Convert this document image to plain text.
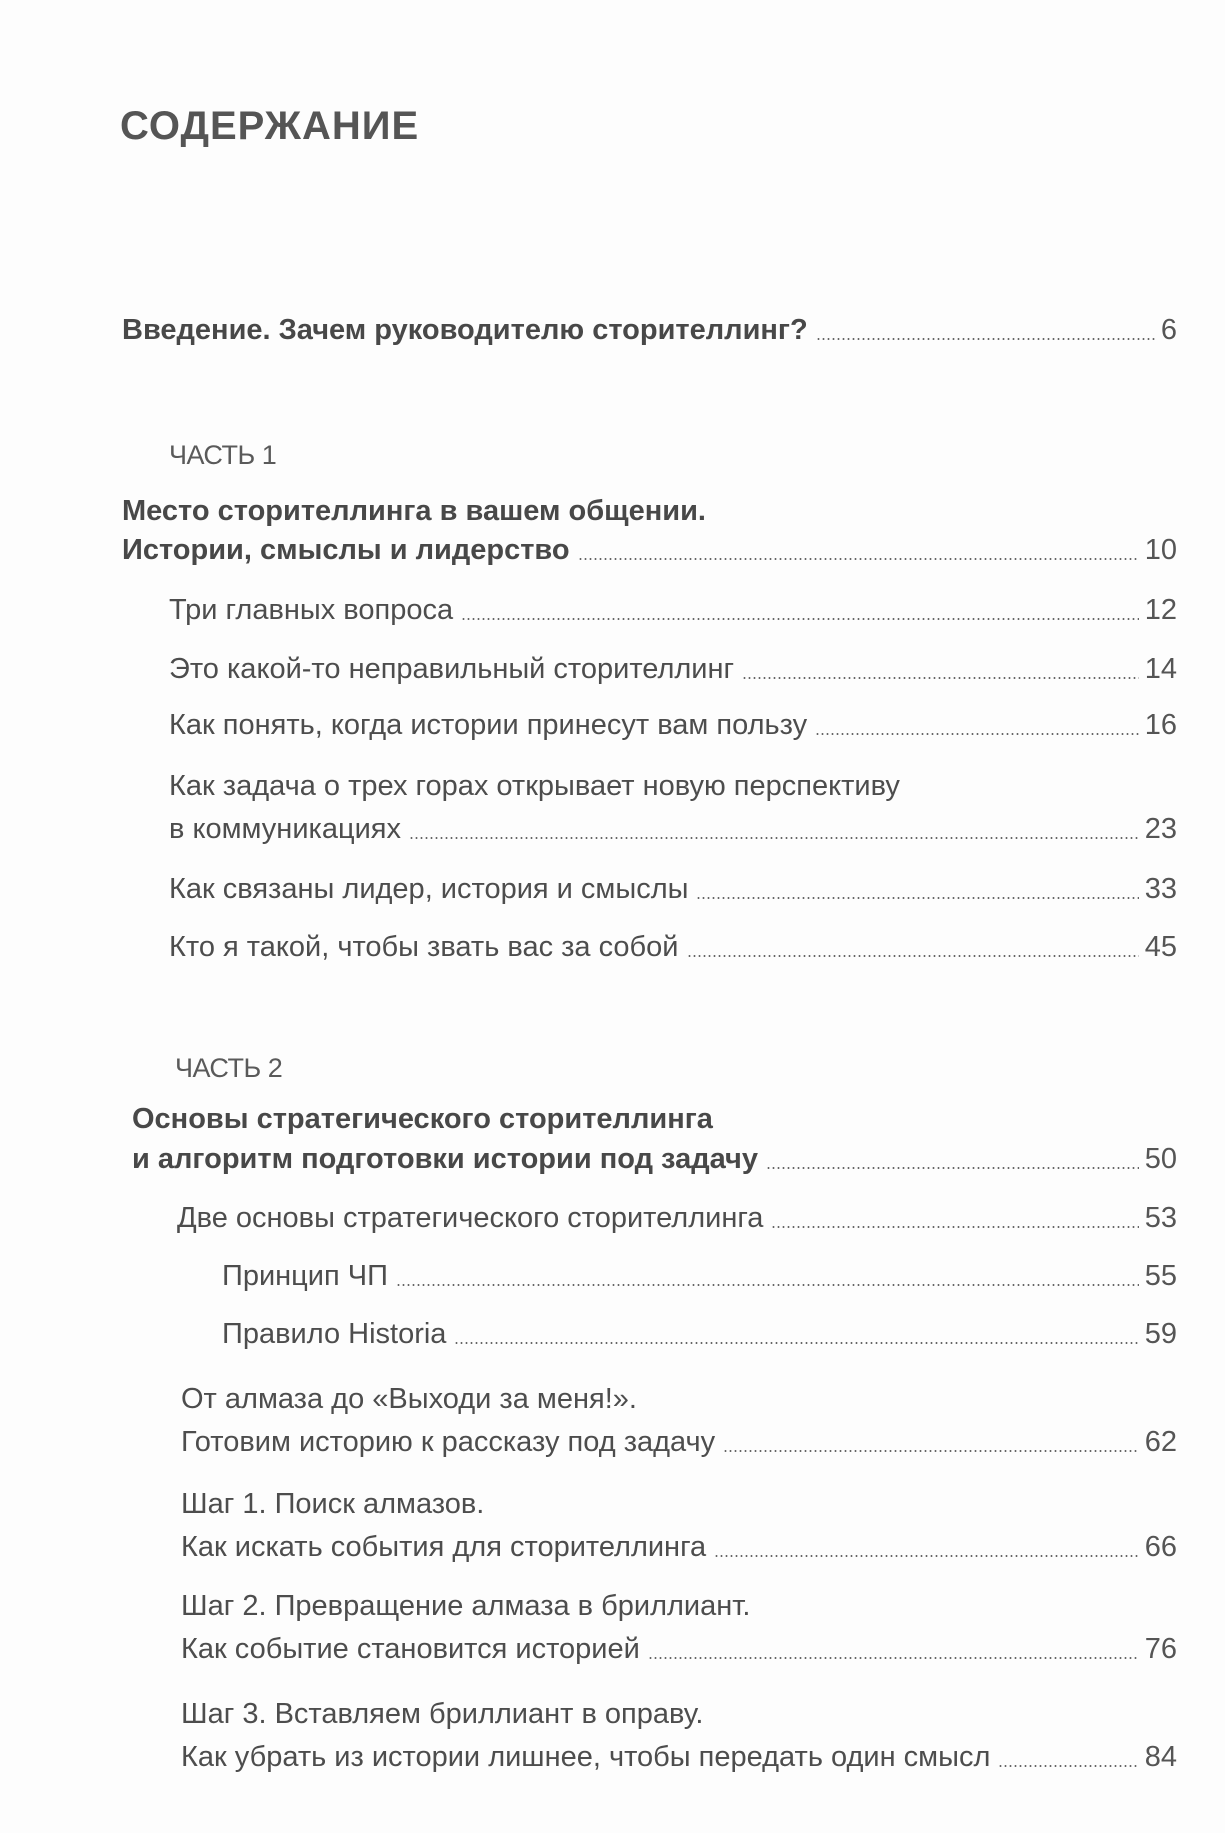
СОДЕРЖАНИЕ
Введение. Зачем руководителю сторителлинг?	6
ЧАСТЬ 1
Место сторителлинга в вашем общении.
Истории, смыслы и лидерство	10
Три главных вопроса	12
Это какой-то неправильный сторителлинг	14
Как понять, когда истории принесут вам пользу	16
Как задача о трех горах открывает новую перспективу
в коммуникациях	23
Как связаны лидер, история и смыслы	33
Кто я такой, чтобы звать вас за собой	45
ЧАСТЬ 2
Основы стратегического сторителлинга
и алгоритм подготовки истории под задачу	50
Две основы стратегического сторителлинга	53
Принцип ЧП	55
Правило Historia	59
От алмаза до «Выходи за меня!».
Готовим историю к рассказу под задачу	62
Шаг 1. Поиск алмазов.
Как искать события для сторителлинга	66
Шаг 2. Превращение алмаза в бриллиант.
Как событие становится историей	76
Шаг 3. Вставляем бриллиант в оправу.
Как убрать из истории лишнее, чтобы передать один смысл	84
